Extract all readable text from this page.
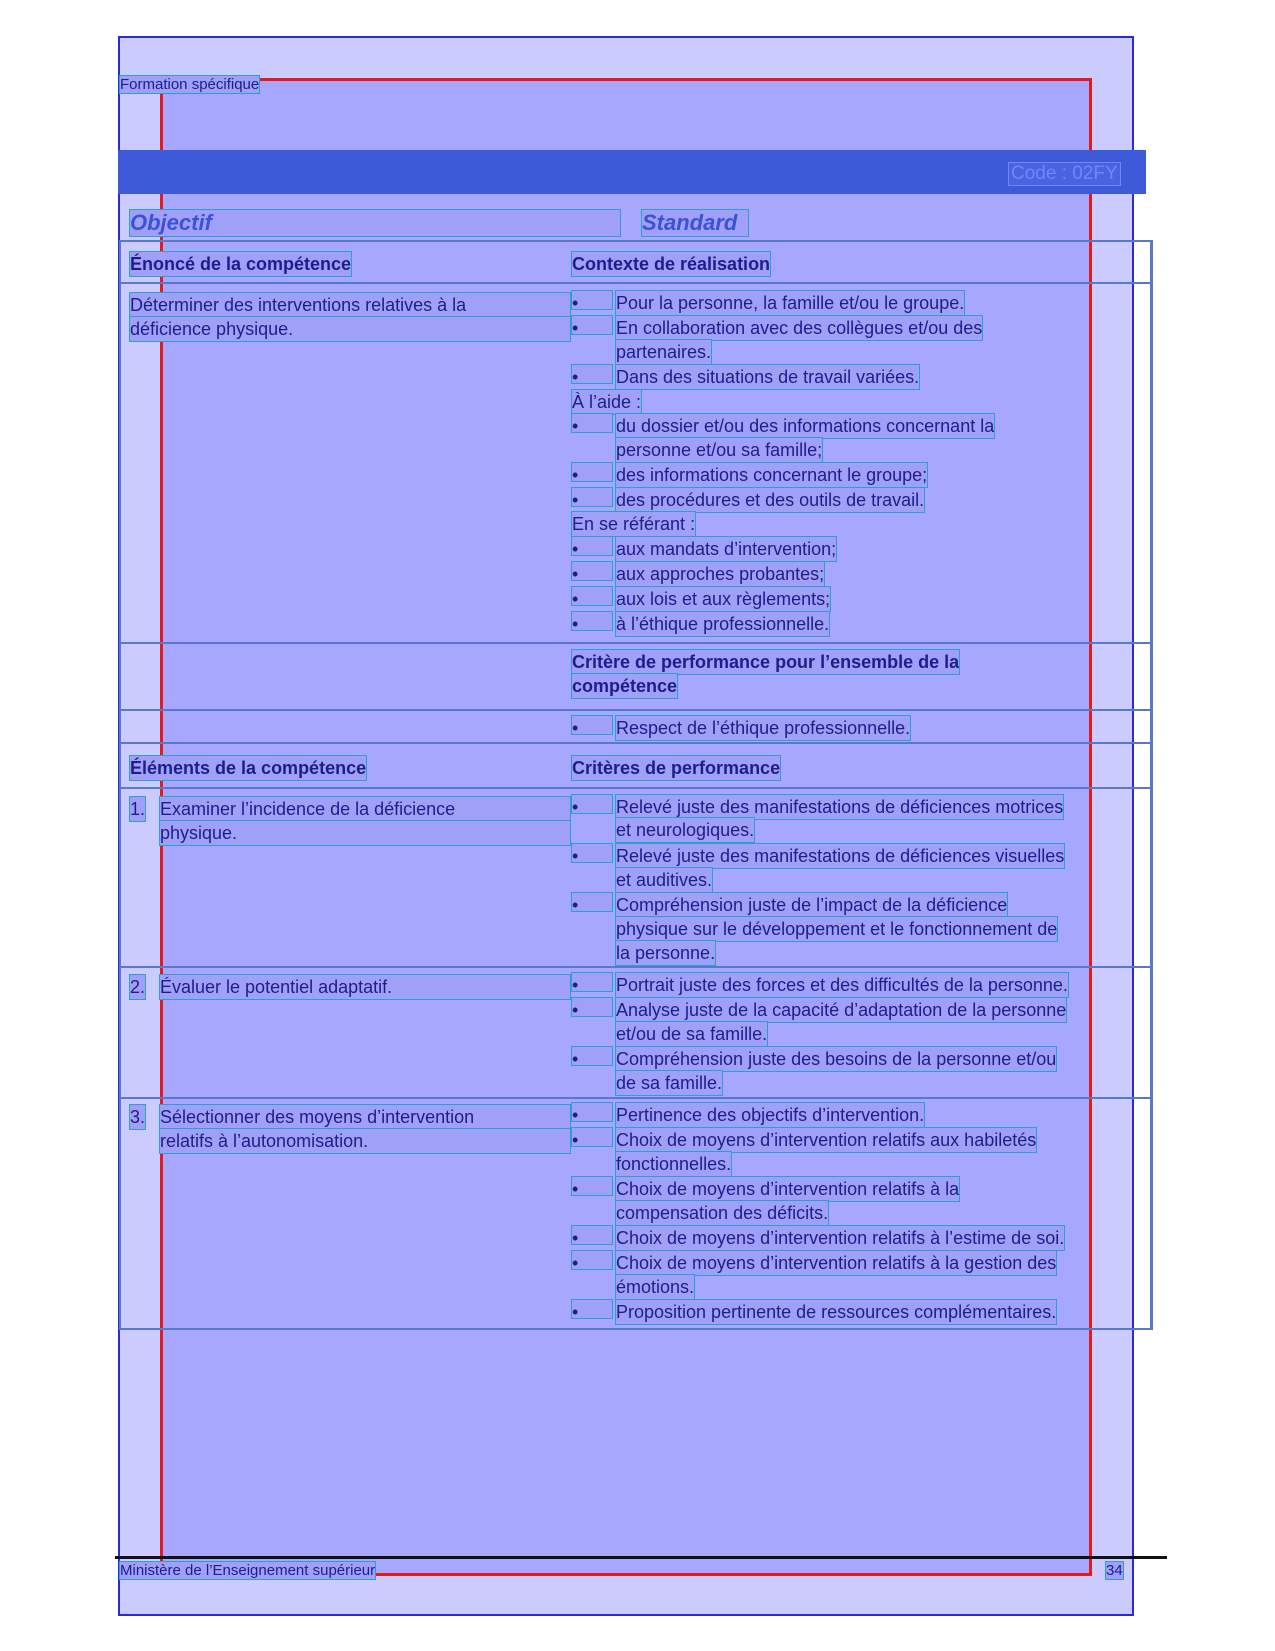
Formation spécifique
Code : 02FY
Objectif	Standard
Énoncé de la compétence	Contexte de réalisation
Déterminer des interventions relatives à la
déficience physique.
•	Pour la personne, la famille et/ou le groupe.
•	En collaboration avec des collègues et/ou des
partenaires.
•	Dans des situations de travail variées.
À l’aide :
•	du dossier et/ou des informations concernant la
personne et/ou sa famille;
•	des informations concernant le groupe;
•	des procédures et des outils de travail.
En se référant :
•	aux mandats d’intervention;
•	aux approches probantes;
•	aux lois et aux règlements;
•	à l’éthique professionnelle.
Critère de performance pour l’ensemble de la
compétence
•	Respect de l’éthique professionnelle.
Éléments de la compétence	Critères de performance
1. Examiner l’incidence de la déficience
physique.
•	Relevé juste des manifestations de déficiences motrices
et neurologiques.
•	Relevé juste des manifestations de déficiences visuelles
et auditives.
•	Compréhension juste de l’impact de la déficience
physique sur le développement et le fonctionnement de
la personne.
2. Évaluer le potentiel adaptatif.	•	Portrait juste des forces et des difficultés de la personne.
•	Analyse juste de la capacité d’adaptation de la personne
et/ou de sa famille.
•	Compréhension juste des besoins de la personne et/ou
de sa famille.
3. Sélectionner des moyens d’intervention
relatifs à l’autonomisation.
•	Pertinence des objectifs d’intervention.
•	Choix de moyens d’intervention relatifs aux habiletés
fonctionnelles.
•	Choix de moyens d’intervention relatifs à la
compensation des déficits.
•	Choix de moyens d’intervention relatifs à l’estime de soi.
•	Choix de moyens d’intervention relatifs à la gestion des
émotions.
•	Proposition pertinente de ressources complémentaires.
Ministère de l’Enseignement supérieur	34
